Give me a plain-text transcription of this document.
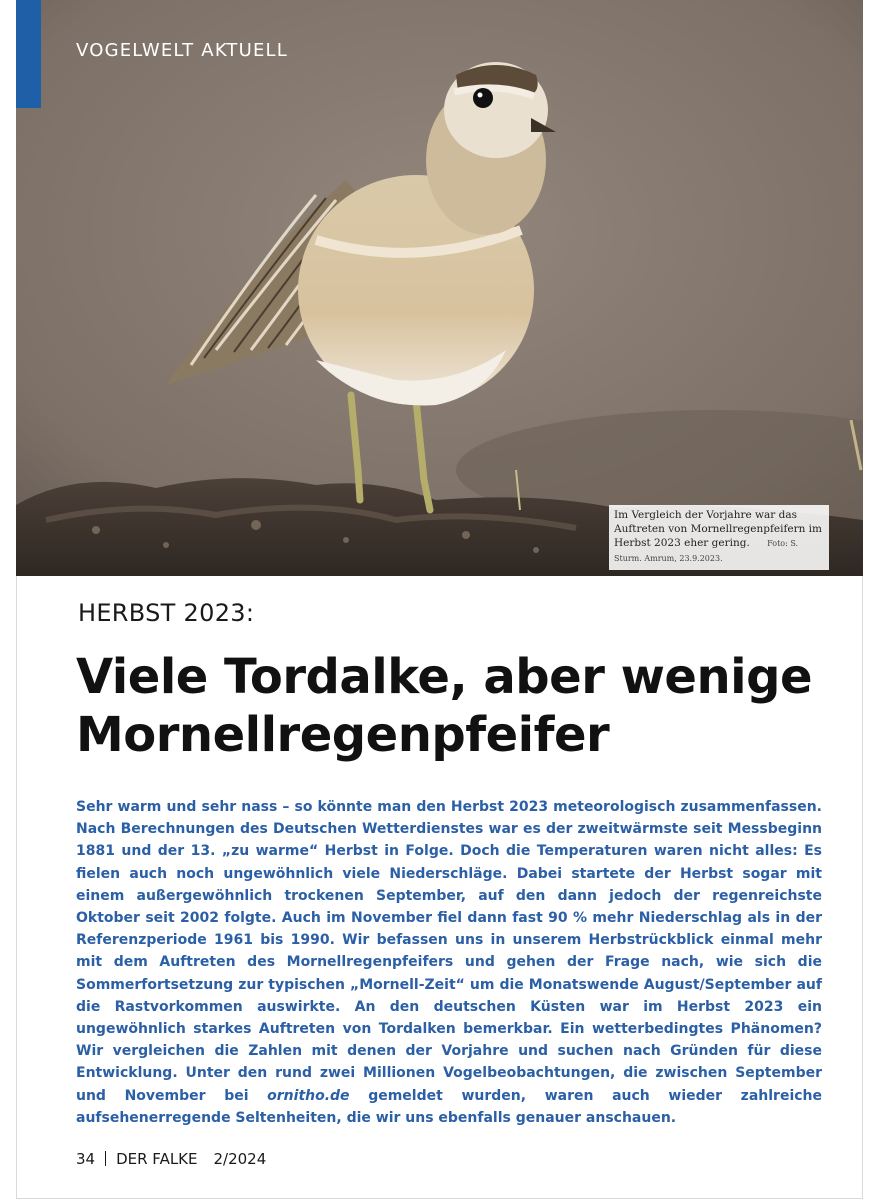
VOGELWELT AKTUELL
Im Vergleich der Vorjahre war das Auftreten von Mornellregenpfeifern im Herbst 2023 eher gering. Foto: S. Sturm. Amrum, 23.9.2023.
HERBST 2023:
Viele Tordalke, aber wenige Mornellregenpfeifer
Sehr warm und sehr nass – so könnte man den Herbst 2023 meteorologisch zusammenfassen. Nach Berechnungen des Deutschen Wetterdienstes war es der zweitwärmste seit Messbeginn 1881 und der 13. „zu warme“ Herbst in Folge. Doch die Temperaturen waren nicht alles: Es fielen auch noch ungewöhnlich viele Niederschläge. Dabei startete der Herbst sogar mit einem außergewöhnlich trockenen September, auf den dann jedoch der regenreichste Oktober seit 2002 folgte. Auch im November fiel dann fast 90 % mehr Niederschlag als in der Referenzperiode 1961 bis 1990. Wir befassen uns in unserem Herbstrückblick einmal mehr mit dem Auftreten des Mornellregenpfeifers und gehen der Frage nach, wie sich die Sommerfortsetzung zur typischen „Mornell-Zeit“ um die Monatswende August/September auf die Rastvorkommen auswirkte. An den deutschen Küsten war im Herbst 2023 ein ungewöhnlich starkes Auftreten von Tordalken bemerkbar. Ein wetterbedingtes Phänomen? Wir vergleichen die Zahlen mit denen der Vorjahre und suchen nach Gründen für diese Entwicklung. Unter den rund zwei Millionen Vogelbeobachtungen, die zwischen September und November bei ornitho.de gemeldet wurden, waren auch wieder zahlreiche aufsehenerregende Seltenheiten, die wir uns ebenfalls genauer anschauen.
34 DER FALKE 2/2024
